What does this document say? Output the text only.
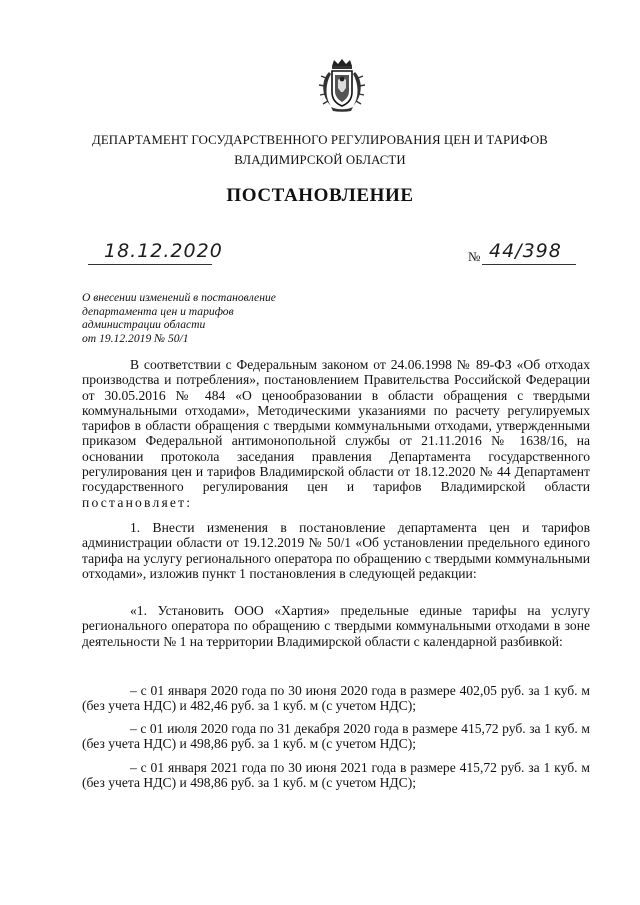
ДЕПАРТАМЕНТ ГОСУДАРСТВЕННОГО РЕГУЛИРОВАНИЯ ЦЕН И ТАРИФОВ
ВЛАДИМИРСКОЙ ОБЛАСТИ
ПОСТАНОВЛЕНИЕ
18.12.2020	№ 44/398
О внесении изменений в постановление
департамента цен и тарифов
администрации области
от 19.12.2019 № 50/1

В соответствии с Федеральным законом от 24.06.1998 № 89-ФЗ «Об отходах производства и потребления», постановлением Правительства Российской Федерации от 30.05.2016 № 484 «О ценообразовании в области обращения с твердыми коммунальными отходами», Методическими указаниями по расчету регулируемых тарифов в области обращения с твердыми коммунальными отходами, утвержденными приказом Федеральной антимонопольной службы от 21.11.2016 № 1638/16, на основании протокола заседания правления Департамента государственного регулирования цен и тарифов Владимирской области от 18.12.2020 № 44 Департамент государственного регулирования цен и тарифов Владимирской области постановляет:

1. Внести изменения в постановление департамента цен и тарифов администрации области от 19.12.2019 № 50/1 «Об установлении предельного единого тарифа на услугу регионального оператора по обращению с твердыми коммунальными отходами», изложив пункт 1 постановления в следующей редакции:

«1. Установить ООО «Хартия» предельные единые тарифы на услугу регионального оператора по обращению с твердыми коммунальными отходами в зоне деятельности № 1 на территории Владимирской области с календарной разбивкой:

– с 01 января 2020 года по 30 июня 2020 года в размере 402,05 руб. за 1 куб. м (без учета НДС) и 482,46 руб. за 1 куб. м (с учетом НДС);

– с 01 июля 2020 года по 31 декабря 2020 года в размере 415,72 руб. за 1 куб. м (без учета НДС) и 498,86 руб. за 1 куб. м (с учетом НДС);

– с 01 января 2021 года по 30 июня 2021 года в размере 415,72 руб. за 1 куб. м (без учета НДС) и 498,86 руб. за 1 куб. м (с учетом НДС);
